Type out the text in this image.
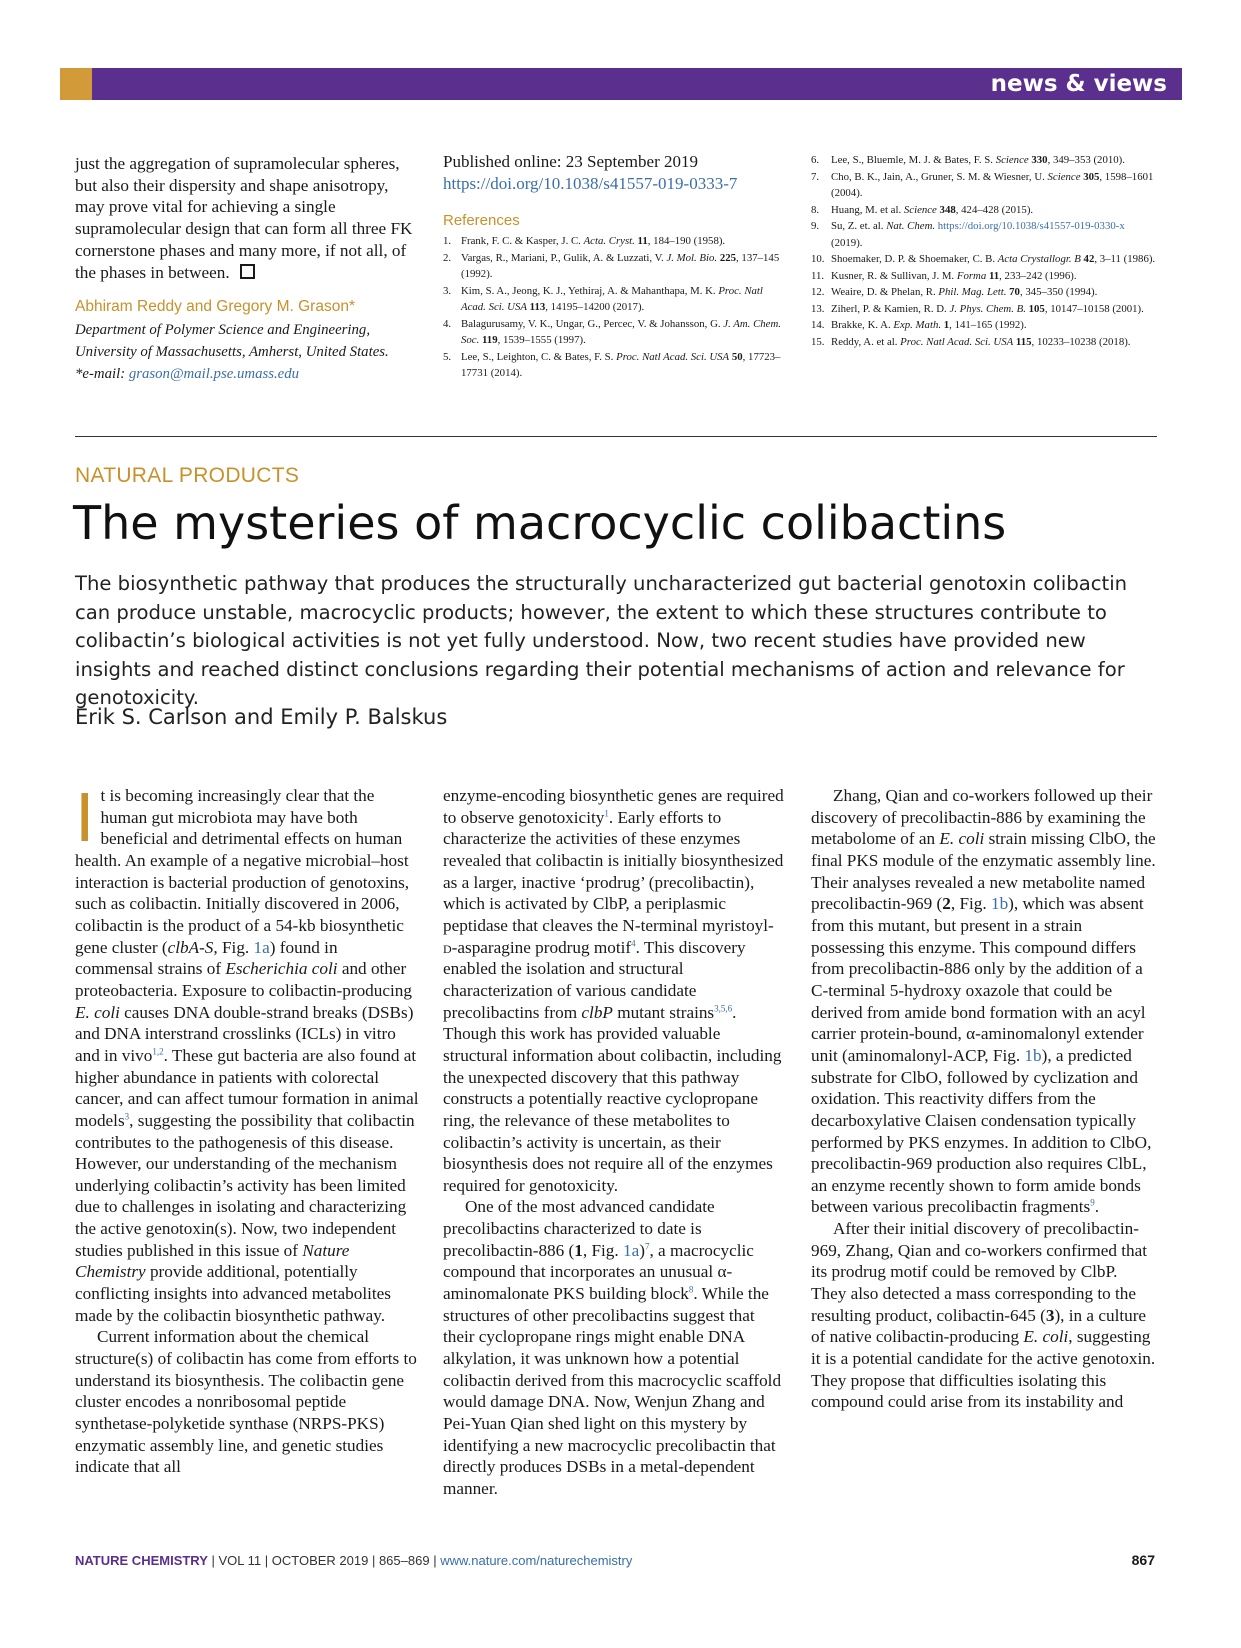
news & views
just the aggregation of supramolecular spheres, but also their dispersity and shape anisotropy, may prove vital for achieving a single supramolecular design that can form all three FK cornerstone phases and many more, if not all, of the phases in between.
Abhiram Reddy and Gregory M. Grason*
Department of Polymer Science and Engineering,
University of Massachusetts, Amherst, United States.
*e-mail: grason@mail.pse.umass.edu
Published online: 23 September 2019
https://doi.org/10.1038/s41557-019-0333-7
References
1. Frank, F. C. & Kasper, J. C. Acta. Cryst. 11, 184–190 (1958).
2. Vargas, R., Mariani, P., Gulik, A. & Luzzati, V. J. Mol. Bio. 225, 137–145 (1992).
3. Kim, S. A., Jeong, K. J., Yethiraj, A. & Mahanthapa, M. K. Proc. Natl Acad. Sci. USA 113, 14195–14200 (2017).
4. Balagurusamy, V. K., Ungar, G., Percec, V. & Johansson, G. J. Am. Chem. Soc. 119, 1539–1555 (1997).
5. Lee, S., Leighton, C. & Bates, F. S. Proc. Natl Acad. Sci. USA 50, 17723–17731 (2014).
6. Lee, S., Bluemle, M. J. & Bates, F. S. Science 330, 349–353 (2010).
7. Cho, B. K., Jain, A., Gruner, S. M. & Wiesner, U. Science 305, 1598–1601 (2004).
8. Huang, M. et al. Science 348, 424–428 (2015).
9. Su, Z. et. al. Nat. Chem. https://doi.org/10.1038/s41557-019-0330-x (2019).
10. Shoemaker, D. P. & Shoemaker, C. B. Acta Crystallogr. B 42, 3–11 (1986).
11. Kusner, R. & Sullivan, J. M. Forma 11, 233–242 (1996).
12. Weaire, D. & Phelan, R. Phil. Mag. Lett. 70, 345–350 (1994).
13. Ziherl, P. & Kamien, R. D. J. Phys. Chem. B. 105, 10147–10158 (2001).
14. Brakke, K. A. Exp. Math. 1, 141–165 (1992).
15. Reddy, A. et al. Proc. Natl Acad. Sci. USA 115, 10233–10238 (2018).
NATURAL PRODUCTS
The mysteries of macrocyclic colibactins
The biosynthetic pathway that produces the structurally uncharacterized gut bacterial genotoxin colibactin can produce unstable, macrocyclic products; however, the extent to which these structures contribute to colibactin’s biological activities is not yet fully understood. Now, two recent studies have provided new insights and reached distinct conclusions regarding their potential mechanisms of action and relevance for genotoxicity.
Erik S. Carlson and Emily P. Balskus

It is becoming increasingly clear that the human gut microbiota may have both beneficial and detrimental effects on human health. An example of a negative microbial–host interaction is bacterial production of genotoxins, such as colibactin. Initially discovered in 2006, colibactin is the product of a 54-kb biosynthetic gene cluster (clbA-S, Fig. 1a) found in commensal strains of Escherichia coli and other proteobacteria. Exposure to colibactin-producing E. coli causes DNA double-strand breaks (DSBs) and DNA interstrand crosslinks (ICLs) in vitro and in vivo$^{1,2}$. These gut bacteria are also found at higher abundance in patients with colorectal cancer, and can affect tumour formation in animal models$^3$, suggesting the possibility that colibactin contributes to the pathogenesis of this disease. However, our understanding of the mechanism underlying colibactin’s activity has been limited due to challenges in isolating and characterizing the active genotoxin(s). Now, two independent studies published in this issue of Nature Chemistry provide additional, potentially conflicting insights into advanced metabolites made by the colibactin biosynthetic pathway.

Current information about the chemical structure(s) of colibactin has come from efforts to understand its biosynthesis. The colibactin gene cluster encodes a nonribosomal peptide synthetase-polyketide synthase (NRPS-PKS) enzymatic assembly line, and genetic studies indicate that all

enzyme-encoding biosynthetic genes are required to observe genotoxicity$^1$. Early efforts to characterize the activities of these enzymes revealed that colibactin is initially biosynthesized as a larger, inactive ‘prodrug’ (precolibactin), which is activated by ClbP, a periplasmic peptidase that cleaves the N-terminal myristoyl-d-asparagine prodrug motif$^4$. This discovery enabled the isolation and structural characterization of various candidate precolibactins from clbP mutant strains$^{3,5,6}$. Though this work has provided valuable structural information about colibactin, including the unexpected discovery that this pathway constructs a potentially reactive cyclopropane ring, the relevance of these metabolites to colibactin’s activity is uncertain, as their biosynthesis does not require all of the enzymes required for genotoxicity.

One of the most advanced candidate precolibactins characterized to date is precolibactin-886 (1, Fig. 1a)$^7$, a macrocyclic compound that incorporates an unusual α-aminomalonate PKS building block$^8$. While the structures of other precolibactins suggest that their cyclopropane rings might enable DNA alkylation, it was unknown how a potential colibactin derived from this macrocyclic scaffold would damage DNA. Now, Wenjun Zhang and Pei-Yuan Qian shed light on this mystery by identifying a new macrocyclic precolibactin that directly produces DSBs in a metal-dependent manner.

Zhang, Qian and co-workers followed up their discovery of precolibactin-886 by examining the metabolome of an E. coli strain missing ClbO, the final PKS module of the enzymatic assembly line. Their analyses revealed a new metabolite named precolibactin-969 (2, Fig. 1b), which was absent from this mutant, but present in a strain possessing this enzyme. This compound differs from precolibactin-886 only by the addition of a C-terminal 5-hydroxy oxazole that could be derived from amide bond formation with an acyl carrier protein-bound, α-aminomalonyl extender unit (aminomalonyl-ACP, Fig. 1b), a predicted substrate for ClbO, followed by cyclization and oxidation. This reactivity differs from the decarboxylative Claisen condensation typically performed by PKS enzymes. In addition to ClbO, precolibactin-969 production also requires ClbL, an enzyme recently shown to form amide bonds between various precolibactin fragments$^9$.

After their initial discovery of precolibactin-969, Zhang, Qian and co-workers confirmed that its prodrug motif could be removed by ClbP. They also detected a mass corresponding to the resulting product, colibactin-645 (3), in a culture of native colibactin-producing E. coli, suggesting it is a potential candidate for the active genotoxin. They propose that difficulties isolating this compound could arise from its instability and

NATURE CHEMISTRY | VOL 11 | OCTOBER 2019 | 865–869 | www.nature.com/naturechemistry	867
